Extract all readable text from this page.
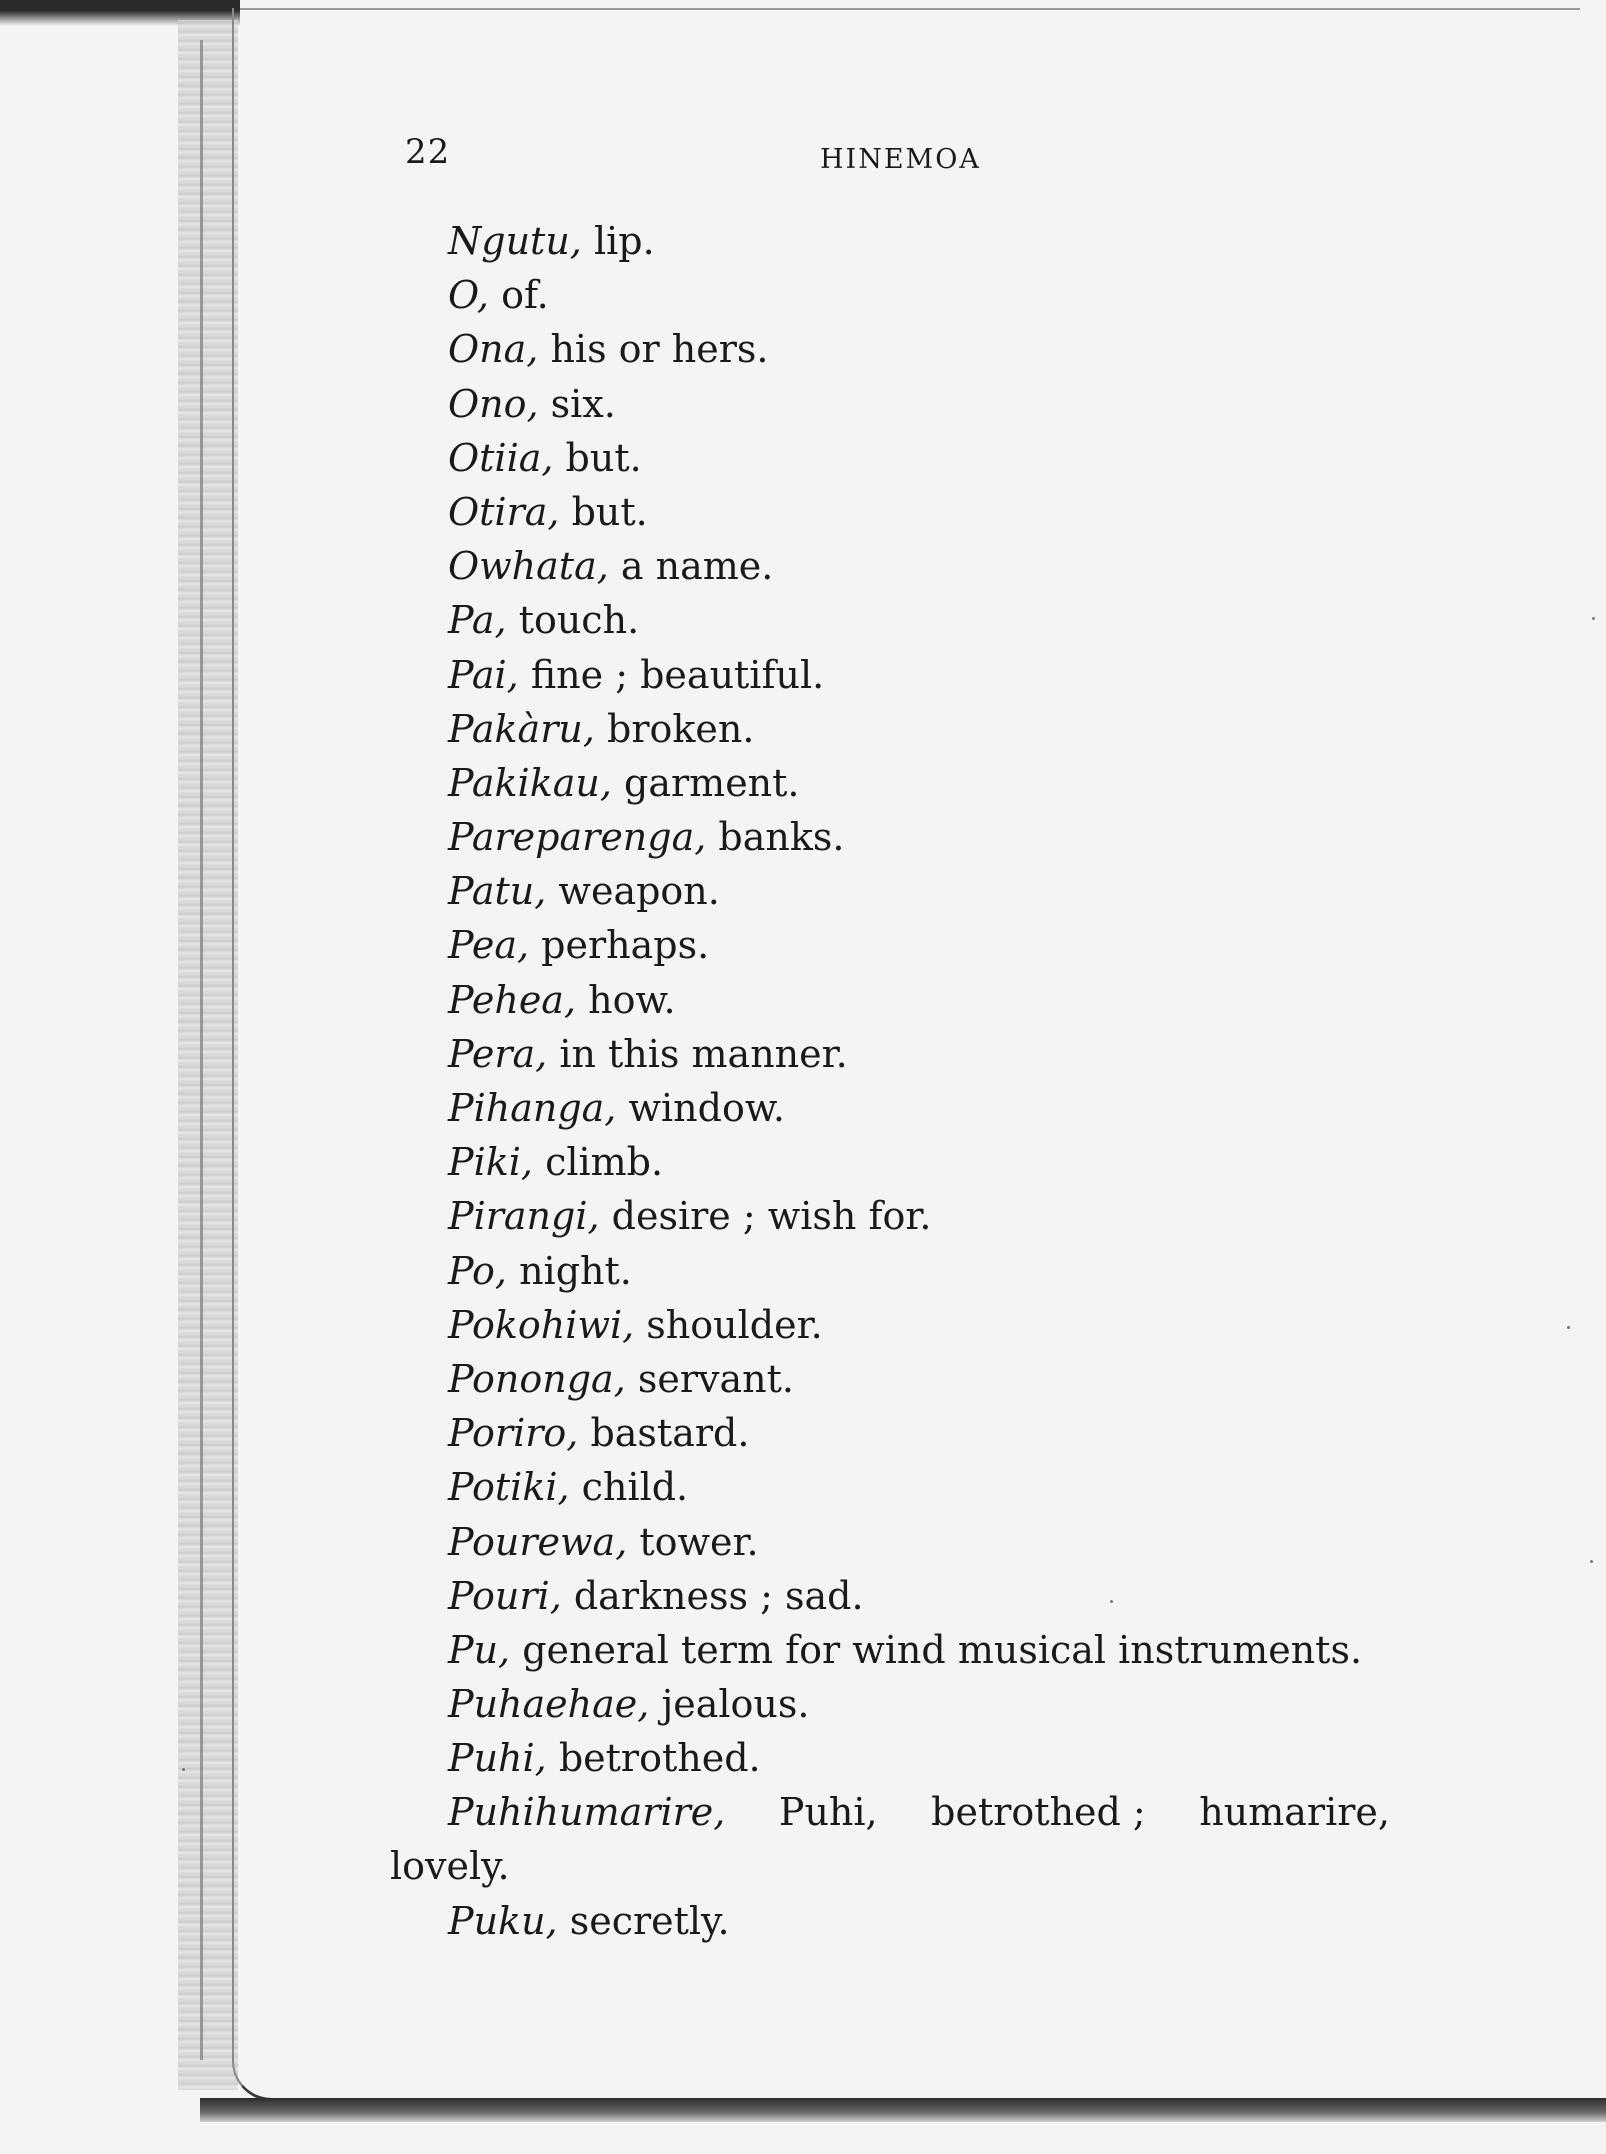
22	HINEMOA
Ngutu, lip.
O, of.
Ona, his or hers.
Ono, six.
Otiia, but.
Otira, but.
Owhata, a name.
Pa, touch.
Pai, fine ; beautiful.
Pakàru, broken.
Pakikau, garment.
Pareparenga, banks.
Patu, weapon.
Pea, perhaps.
Pehea, how.
Pera, in this manner.
Pihanga, window.
Piki, climb.
Pirangi, desire ; wish for.
Po, night.
Pokohiwi, shoulder.
Pononga, servant.
Poriro, bastard.
Potiki, child.
Pourewa, tower.
Pouri, darkness ; sad.
Pu, general term for wind musical instruments.
Puhaehae, jealous.
Puhi, betrothed.
Puhihumarire, Puhi, betrothed ; humarire,
lovely.
Puku, secretly.
